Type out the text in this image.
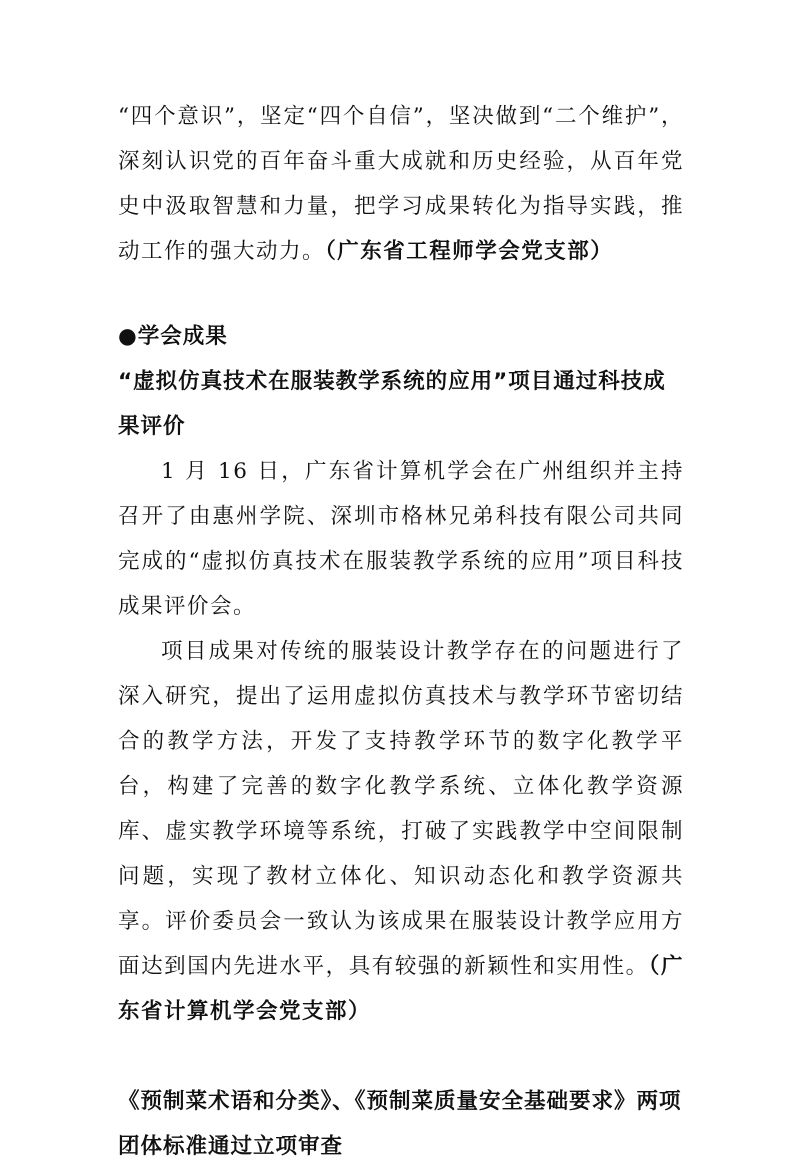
“四个意识”，坚定“四个自信”，坚决做到“二个维护”，深刻认识党的百年奋斗重大成就和历史经验，从百年党史中汲取智慧和力量，把学习成果转化为指导实践，推动工作的强大动力。（广东省工程师学会党支部）

●学会成果
“虚拟仿真技术在服装教学系统的应用”项目通过科技成果评价

1 月 16 日，广东省计算机学会在广州组织并主持召开了由惠州学院、深圳市格林兄弟科技有限公司共同完成的“虚拟仿真技术在服装教学系统的应用”项目科技成果评价会。

项目成果对传统的服装设计教学存在的问题进行了深入研究，提出了运用虚拟仿真技术与教学环节密切结合的教学方法，开发了支持教学环节的数字化教学平台，构建了完善的数字化教学系统、立体化教学资源库、虚实教学环境等系统，打破了实践教学中空间限制问题，实现了教材立体化、知识动态化和教学资源共享。评价委员会一致认为该成果在服装设计教学应用方面达到国内先进水平，具有较强的新颖性和实用性。（广东省计算机学会党支部）

《预制菜术语和分类》、《预制菜质量安全基础要求》两项团体标准通过立项审查
